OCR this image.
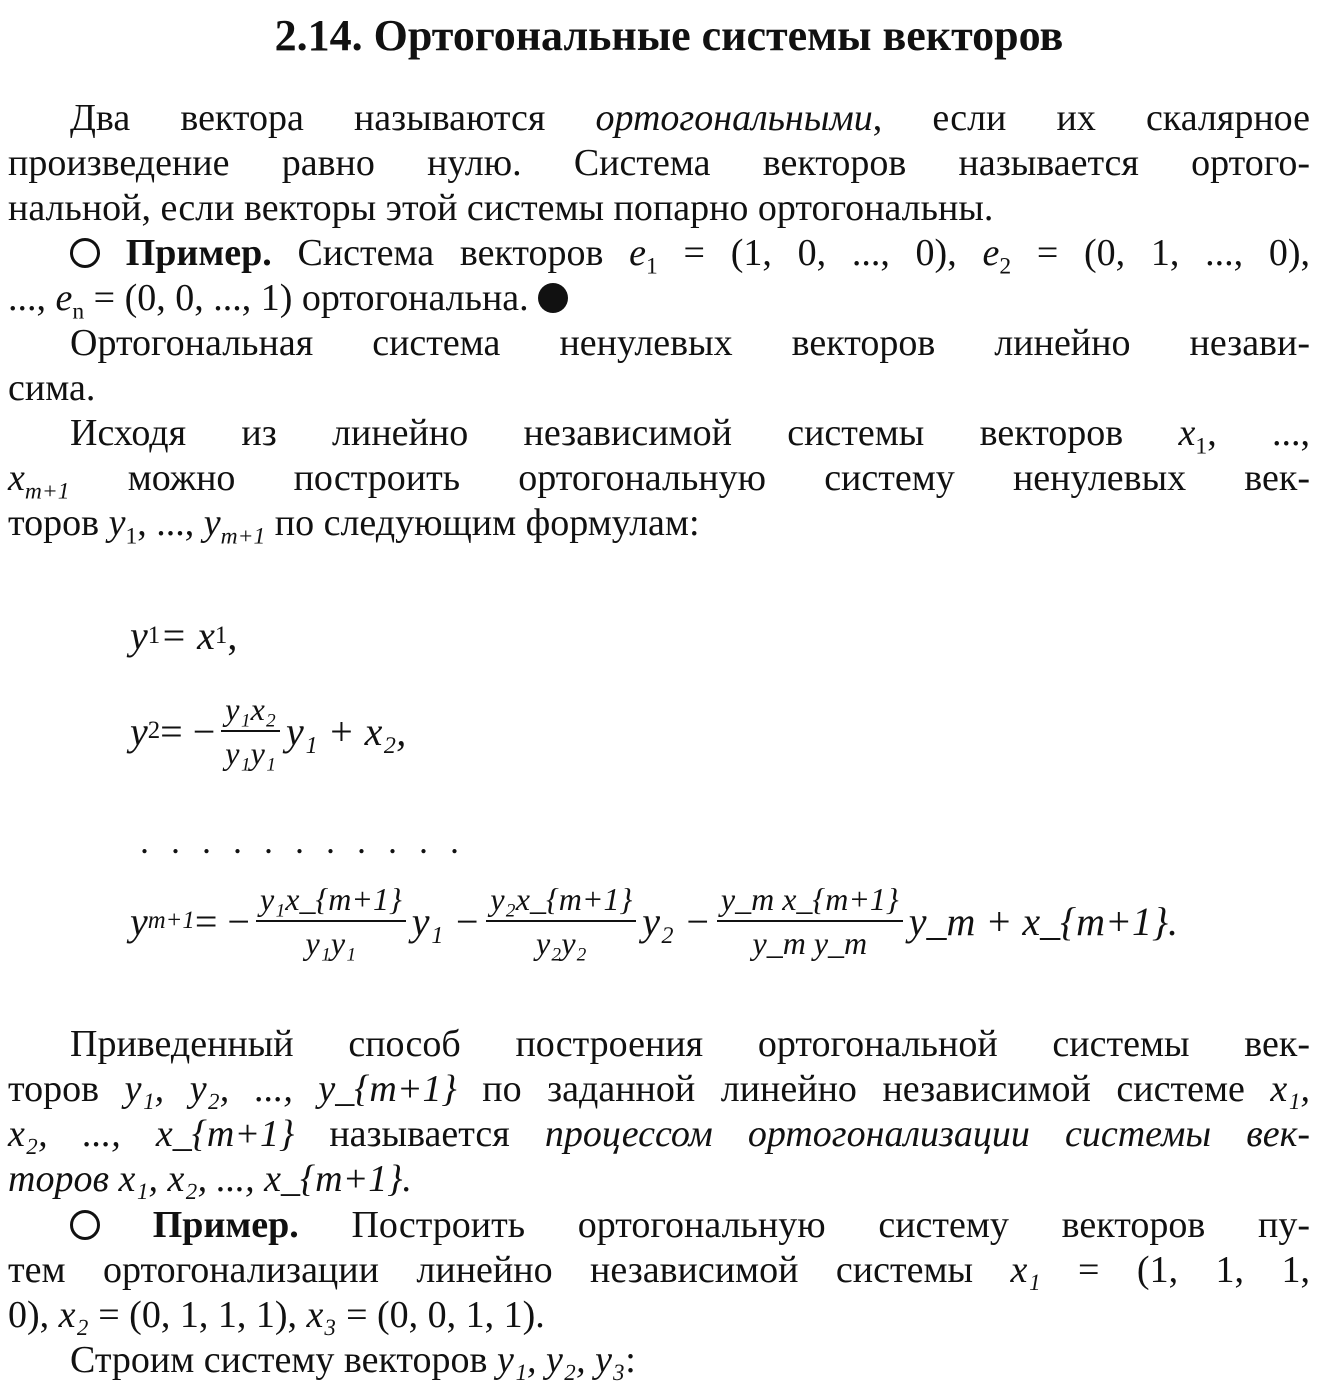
2.14. Ортогональные системы векторов
Два вектора называются ортогональными, если их скалярное
произведение равно нулю. Система векторов называется ортого-
нальной, если векторы этой системы попарно ортогональны.
Пример. Система векторов $e_1 = (1$, 0, ..., 0), $e_2 = (0$, 1, ..., 0),
..., $e_n = (0$, 0, ..., 1) ортогональна.
Ортогональная система ненулевых векторов линейно незави-
сима.
Исходя из линейно независимой системы векторов $x_1$, ...,
$x_{m+1}$ можно построить ортогональную систему ненулевых век-
торов $y_1$, ..., $y_{m+1}$ по следующим формулам:
y 1 = x 1 ,
y 2 = − $\frac{\text{y₁x₂}}{\text{y₁y₁}} y_1 + x_2$,
...........
y m+1 = − $\frac{\text{y₁x\_\{m+1\}}}{\text{y₁y₁}} y_1 - \frac{\text{y₂x\_\{m+1\}}}{\text{y₂y₂}} y_2 - \frac{\text{y\_m x\_\{m+1\}}}{\text{y\_m y\_m}}$ y_m + x_{m+1}.
Приведенный способ построения ортогональной системы век-
торов y₁, y₂, ..., y_{m+1} по заданной линейно независимой системе x₁,
x₂, ..., x_{m+1} называется процессом ортогонализации системы век-
торов x₁, x₂, ..., x_{m+1}.
Пример. Построить ортогональную систему векторов пу-
тем ортогонализации линейно независимой системы x₁ = (1, 1, 1,
0), x₂ = (0, 1, 1, 1), x₃ = (0, 0, 1, 1).
Строим систему векторов y₁, y₂, y₃:
